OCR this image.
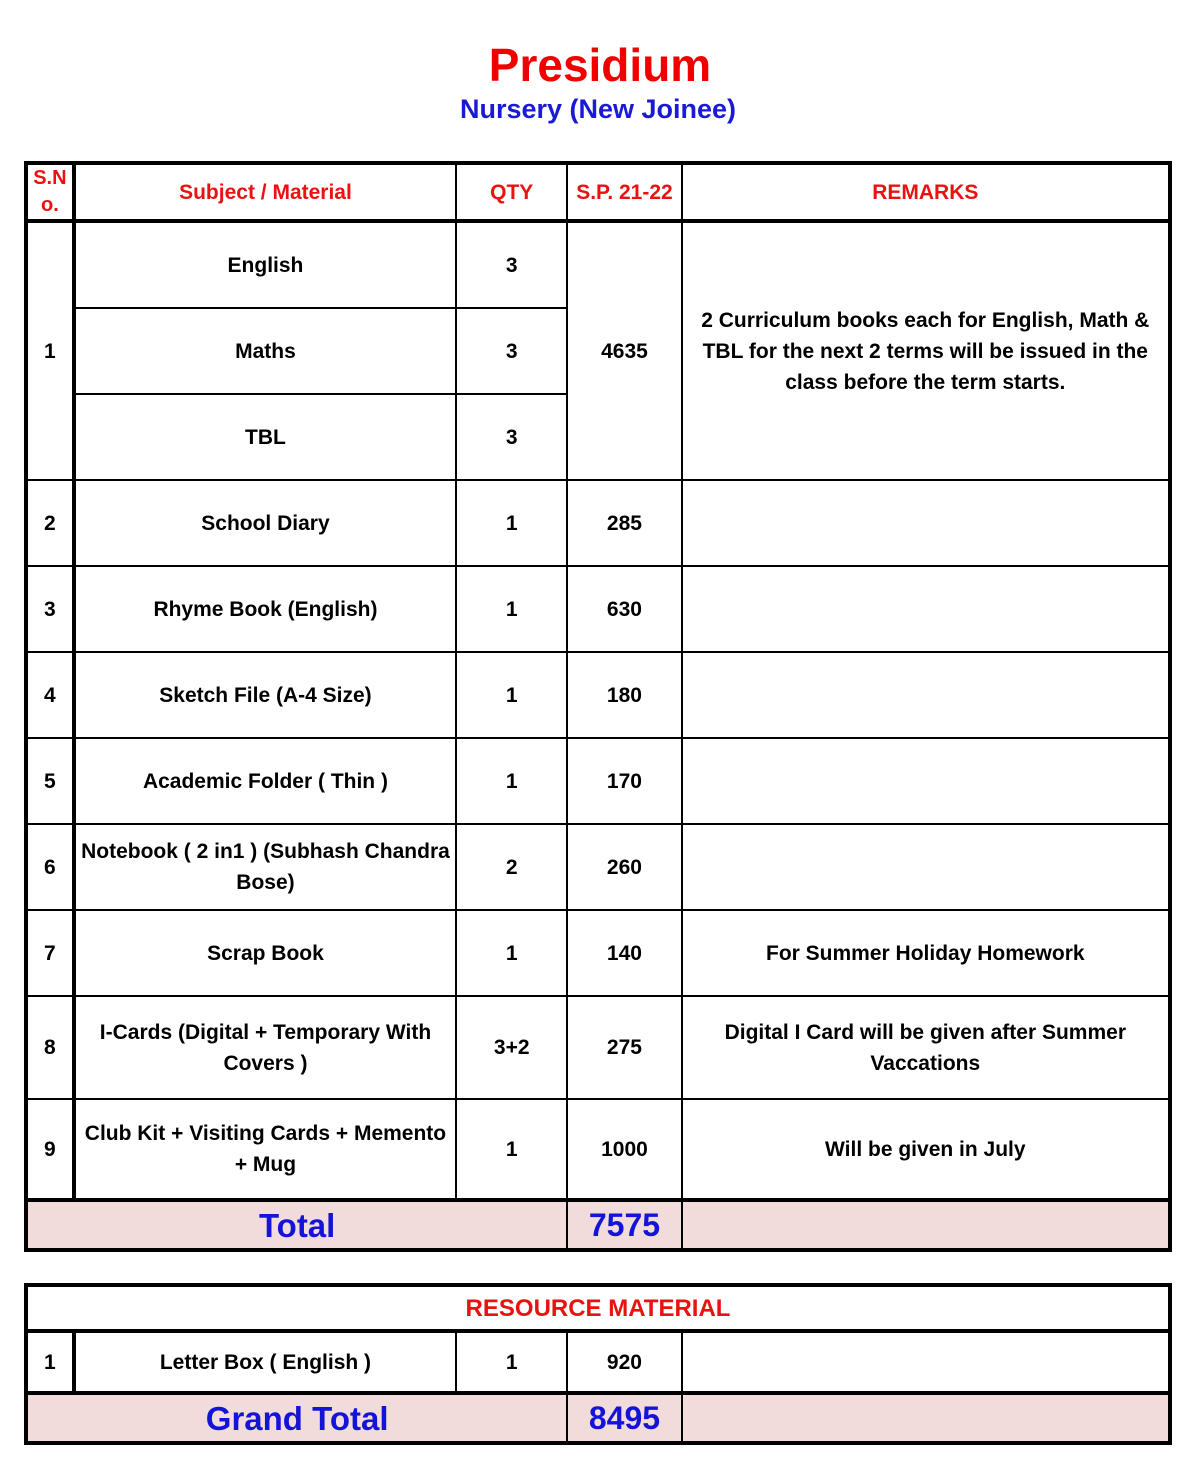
Presidium
Nursery (New Joinee)
S.N o.	Subject / Material	QTY	S.P. 21-22	REMARKS
1	English	3	4635	2 Curriculum books each for English, Math & TBL for the next 2 terms will be issued in the class before the term starts.
	Maths	3		
	TBL	3		
2	School Diary	1	285	
3	Rhyme Book (English)	1	630	
4	Sketch File (A-4 Size)	1	180	
5	Academic Folder ( Thin )	1	170	
6	Notebook ( 2 in1 ) (Subhash Chandra Bose)	2	260	
7	Scrap Book	1	140	For Summer Holiday Homework
8	I-Cards (Digital + Temporary With Covers )	3+2	275	Digital I Card will be given after Summer Vaccations
9	Club Kit + Visiting Cards + Memento + Mug	1	1000	Will be given in July
Total			7575	
RESOURCE MATERIAL				
1	Letter Box ( English )	1	920	
Grand Total			8495	
